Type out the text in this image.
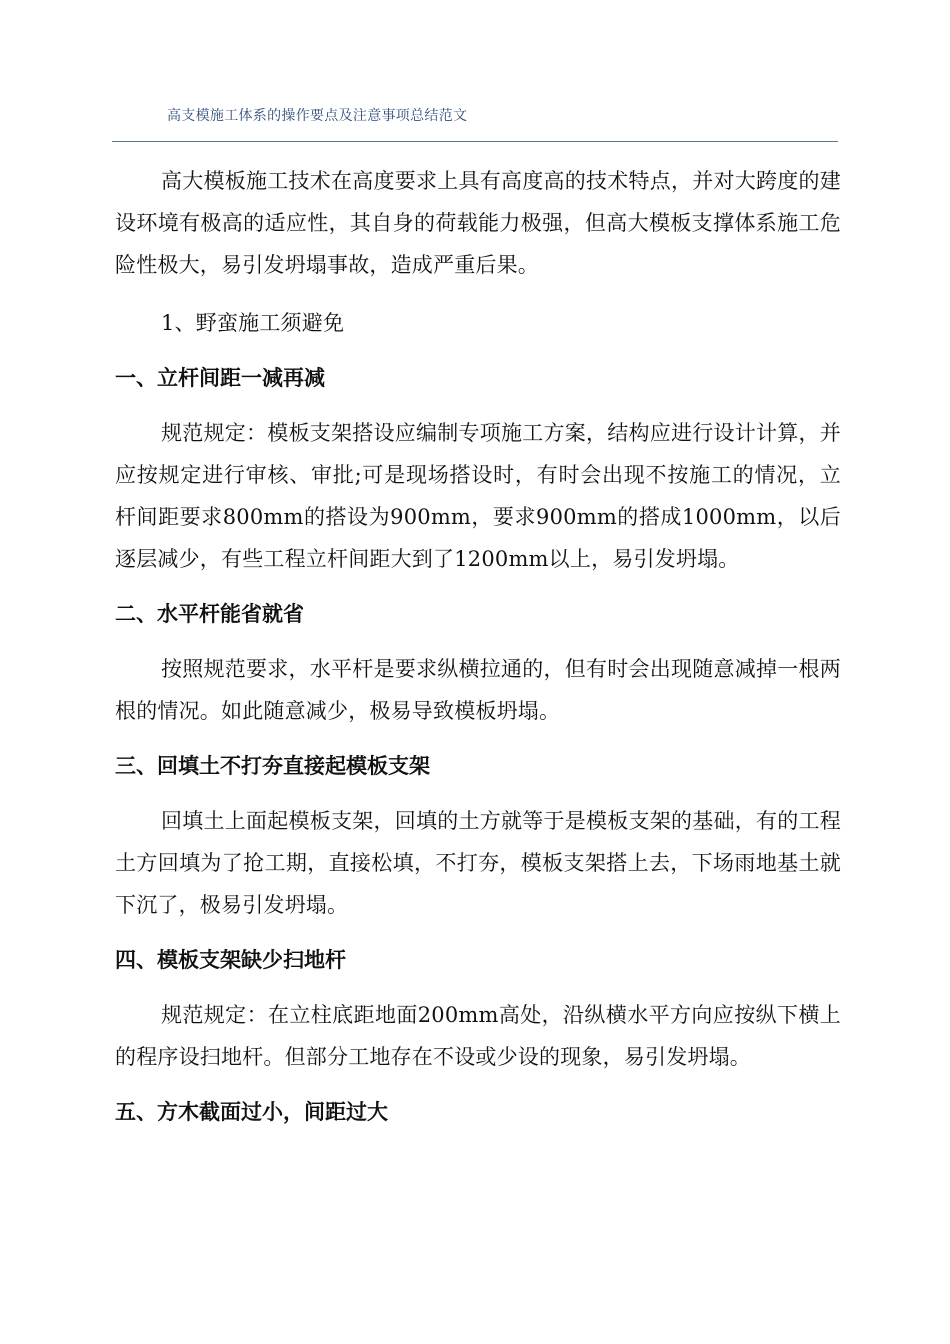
高支模施工体系的操作要点及注意事项总结范文

高大模板施工技术在高度要求上具有高度高的技术特点，并对大跨度的建设环境有极高的适应性，其自身的荷载能力极强，但高大模板支撑体系施工危险性极大，易引发坍塌事故，造成严重后果。

1、野蛮施工须避免

一、立杆间距一减再减

规范规定：模板支架搭设应编制专项施工方案，结构应进行设计计算，并应按规定进行审核、审批;可是现场搭设时，有时会出现不按施工的情况，立杆间距要求800mm的搭设为900mm，要求900mm的搭成1000mm，以后逐层减少，有些工程立杆间距大到了1200mm以上，易引发坍塌。

二、水平杆能省就省

按照规范要求，水平杆是要求纵横拉通的，但有时会出现随意减掉一根两根的情况。如此随意减少，极易导致模板坍塌。

三、回填土不打夯直接起模板支架

回填土上面起模板支架，回填的土方就等于是模板支架的基础，有的工程土方回填为了抢工期，直接松填，不打夯，模板支架搭上去，下场雨地基土就下沉了，极易引发坍塌。

四、模板支架缺少扫地杆

规范规定：在立柱底距地面200mm高处，沿纵横水平方向应按纵下横上的程序设扫地杆。但部分工地存在不设或少设的现象，易引发坍塌。

五、方木截面过小，间距过大
